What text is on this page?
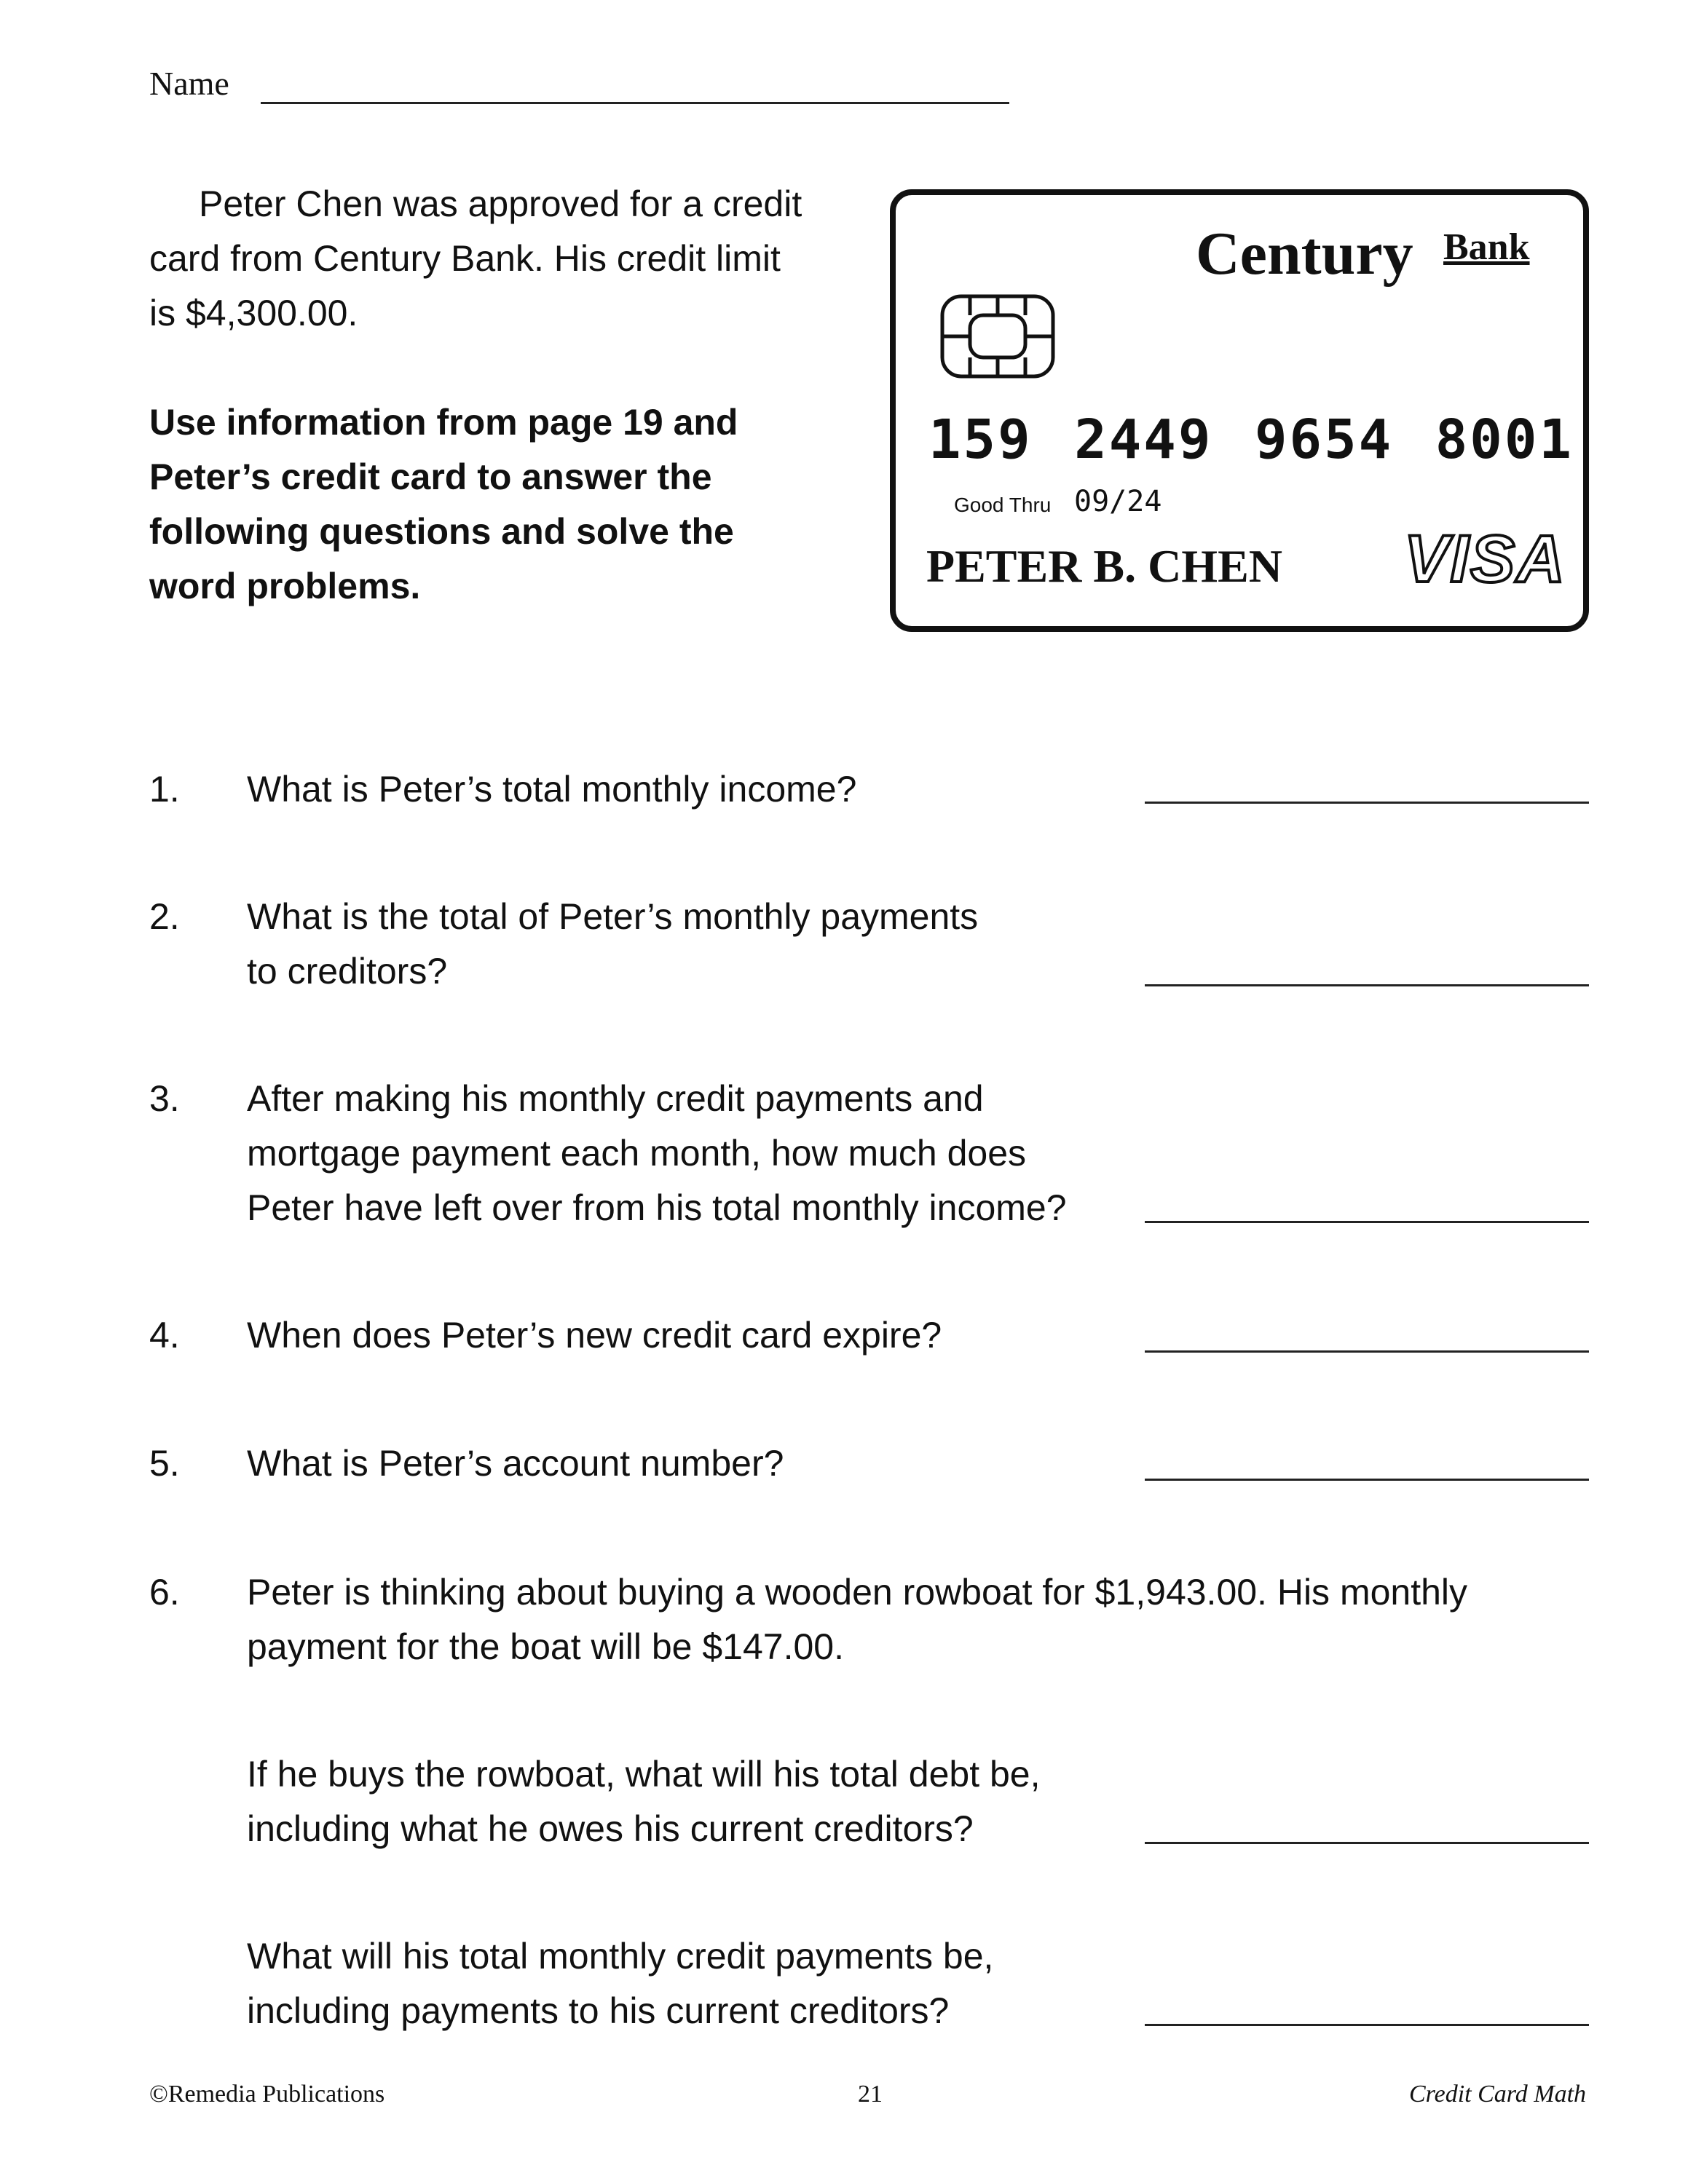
Name
Peter Chen was approved for a credit
card from Century Bank. His credit limit
is $4,300.00.
Use information from page 19 and
Peter’s credit card to answer the
following questions and solve the
word problems.
Century Bank
159 2449 9654 8001
Good Thru 09/24
PETER B. CHEN VISA
1. What is Peter’s total monthly income?
2. What is the total of Peter’s monthly payments
to creditors?
3. After making his monthly credit payments and
mortgage payment each month, how much does
Peter have left over from his total monthly income?
4. When does Peter’s new credit card expire?
5. What is Peter’s account number?
6. Peter is thinking about buying a wooden rowboat for $1,943.00. His monthly
payment for the boat will be $147.00.
If he buys the rowboat, what will his total debt be,
including what he owes his current creditors?
What will his total monthly credit payments be,
including payments to his current creditors?
©Remedia Publications	21	Credit Card Math
